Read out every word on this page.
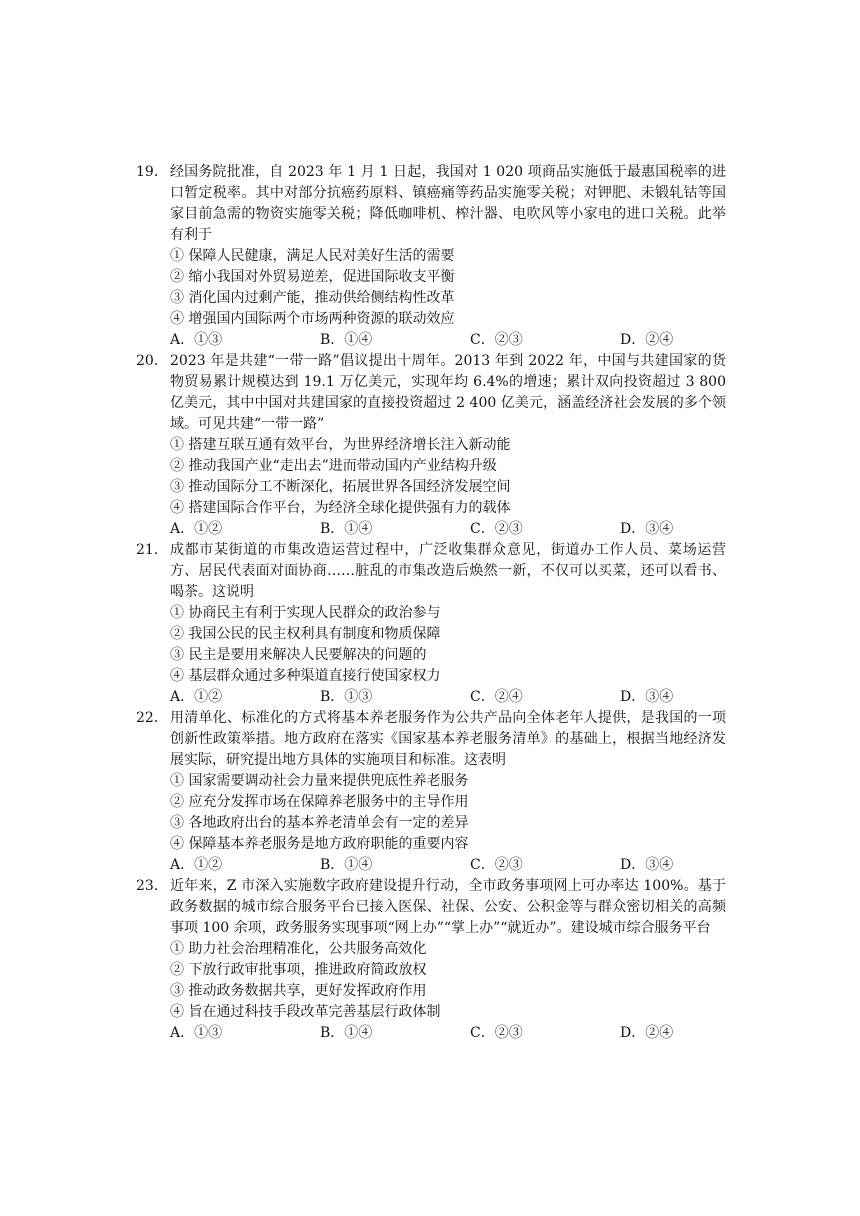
19． 经国务院批准，自 2023 年 1 月 1 日起，我国对 1 020 项商品实施低于最惠国税率的进口暂定税率。其中对部分抗癌药原料、镇癌痛等药品实施零关税；对钾肥、未锻轧钴等国家目前急需的物资实施零关税；降低咖啡机、榨汁器、电吹风等小家电的进口关税。此举有利于
① 保障人民健康，满足人民对美好生活的需要
② 缩小我国对外贸易逆差，促进国际收支平衡
③ 消化国内过剩产能，推动供给侧结构性改革
④ 增强国内国际两个市场两种资源的联动效应
A．①③	B．①④	C．②③	D．②④
20． 2023 年是共建“一带一路”倡议提出十周年。2013 年到 2022 年，中国与共建国家的货物贸易累计规模达到 19.1 万亿美元，实现年均 6.4%的增速；累计双向投资超过 3 800 亿美元，其中中国对共建国家的直接投资超过 2 400 亿美元，涵盖经济社会发展的多个领域。可见共建“一带一路”
① 搭建互联互通有效平台，为世界经济增长注入新动能
② 推动我国产业“走出去”进而带动国内产业结构升级
③ 推动国际分工不断深化，拓展世界各国经济发展空间
④ 搭建国际合作平台，为经济全球化提供强有力的载体
A．①②	B．①④	C．②③	D．③④
21． 成都市某街道的市集改造运营过程中，广泛收集群众意见，街道办工作人员、菜场运营方、居民代表面对面协商……脏乱的市集改造后焕然一新，不仅可以买菜，还可以看书、喝茶。这说明
① 协商民主有利于实现人民群众的政治参与
② 我国公民的民主权利具有制度和物质保障
③ 民主是要用来解决人民要解决的问题的
④ 基层群众通过多种渠道直接行使国家权力
A．①②	B．①③	C．②④	D．③④
22． 用清单化、标准化的方式将基本养老服务作为公共产品向全体老年人提供，是我国的一项创新性政策举措。地方政府在落实《国家基本养老服务清单》的基础上，根据当地经济发展实际，研究提出地方具体的实施项目和标准。这表明
① 国家需要调动社会力量来提供兜底性养老服务
② 应充分发挥市场在保障养老服务中的主导作用
③ 各地政府出台的基本养老清单会有一定的差异
④ 保障基本养老服务是地方政府职能的重要内容
A．①②	B．①④	C．②③	D．③④
23． 近年来，Z 市深入实施数字政府建设提升行动，全市政务事项网上可办率达 100%。基于政务数据的城市综合服务平台已接入医保、社保、公安、公积金等与群众密切相关的高频事项 100 余项，政务服务实现事项“网上办”“掌上办”“就近办”。建设城市综合服务平台
① 助力社会治理精准化，公共服务高效化
② 下放行政审批事项，推进政府简政放权
③ 推动政务数据共享，更好发挥政府作用
④ 旨在通过科技手段改革完善基层行政体制
A．①③	B．①④	C．②③	D．②④
